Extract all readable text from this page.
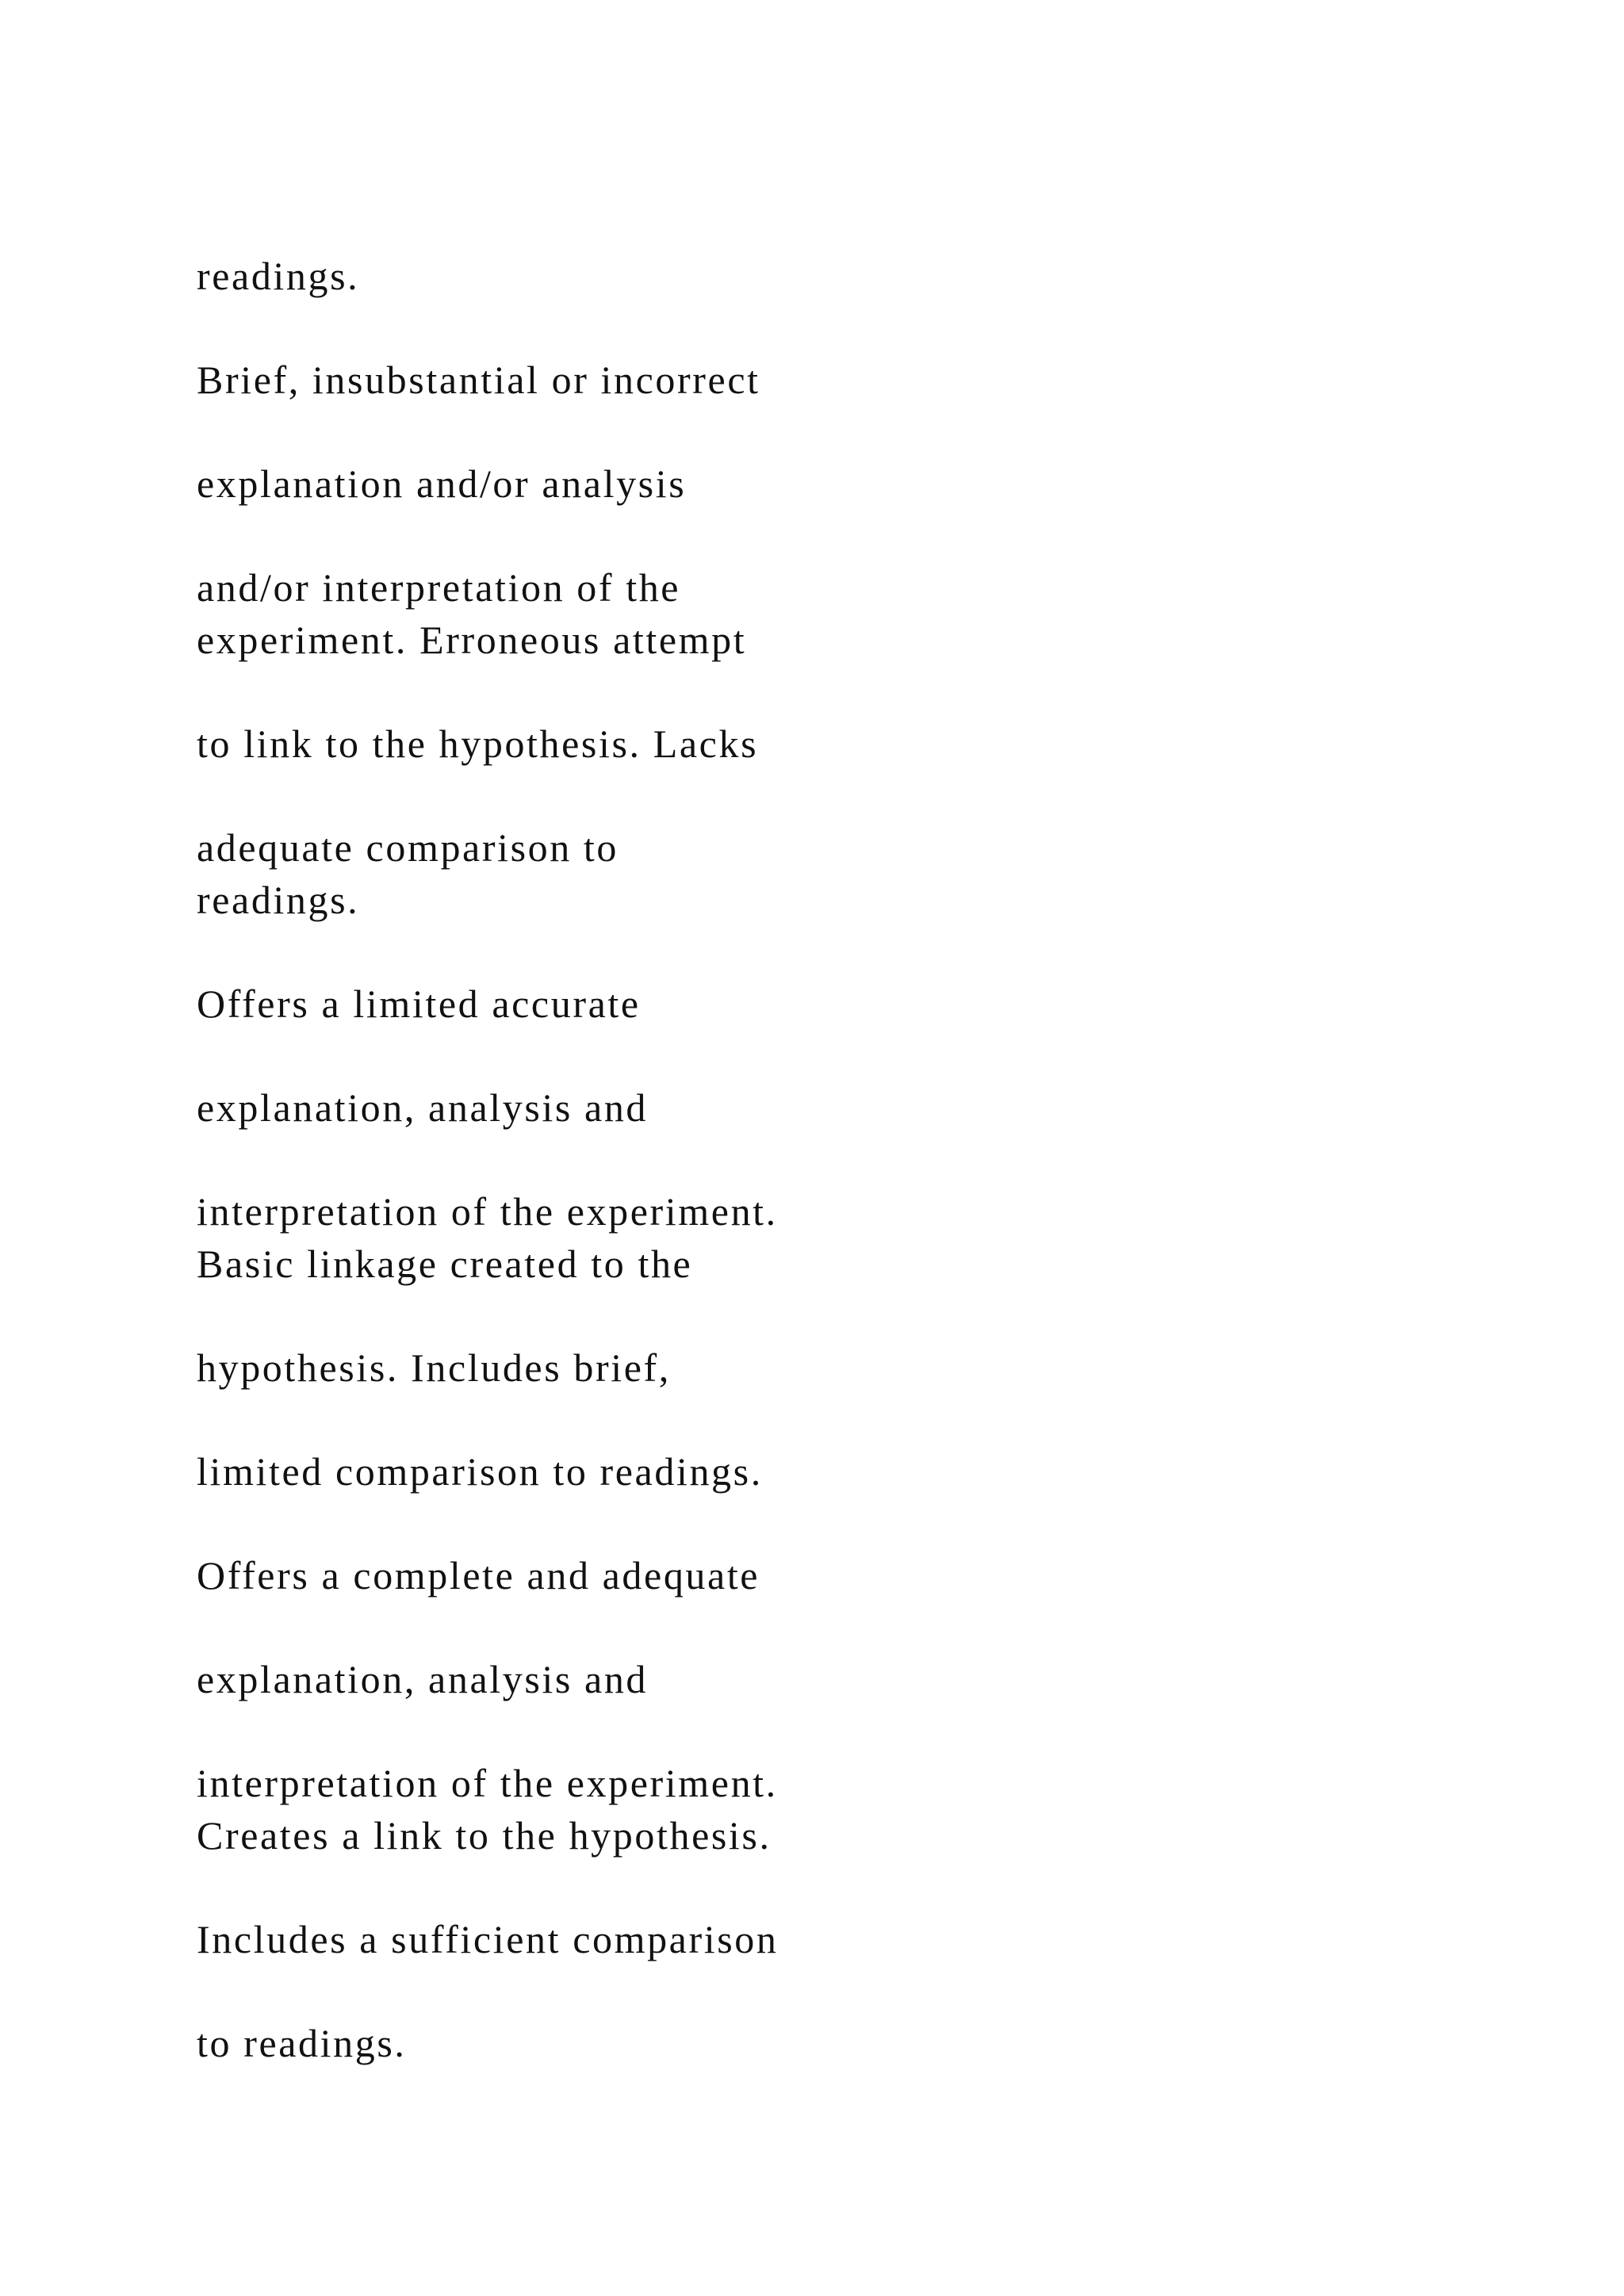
readings.
Brief, insubstantial or incorrect
explanation and/or analysis
and/or interpretation of the
experiment. Erroneous attempt
to link to the hypothesis. Lacks
adequate comparison to
readings.
Offers a limited accurate
explanation, analysis and
interpretation of the experiment.
Basic linkage created to the
hypothesis. Includes brief,
limited comparison to readings.
Offers a complete and adequate
explanation, analysis and
interpretation of the experiment.
Creates a link to the hypothesis.
Includes a sufficient comparison
to readings.
